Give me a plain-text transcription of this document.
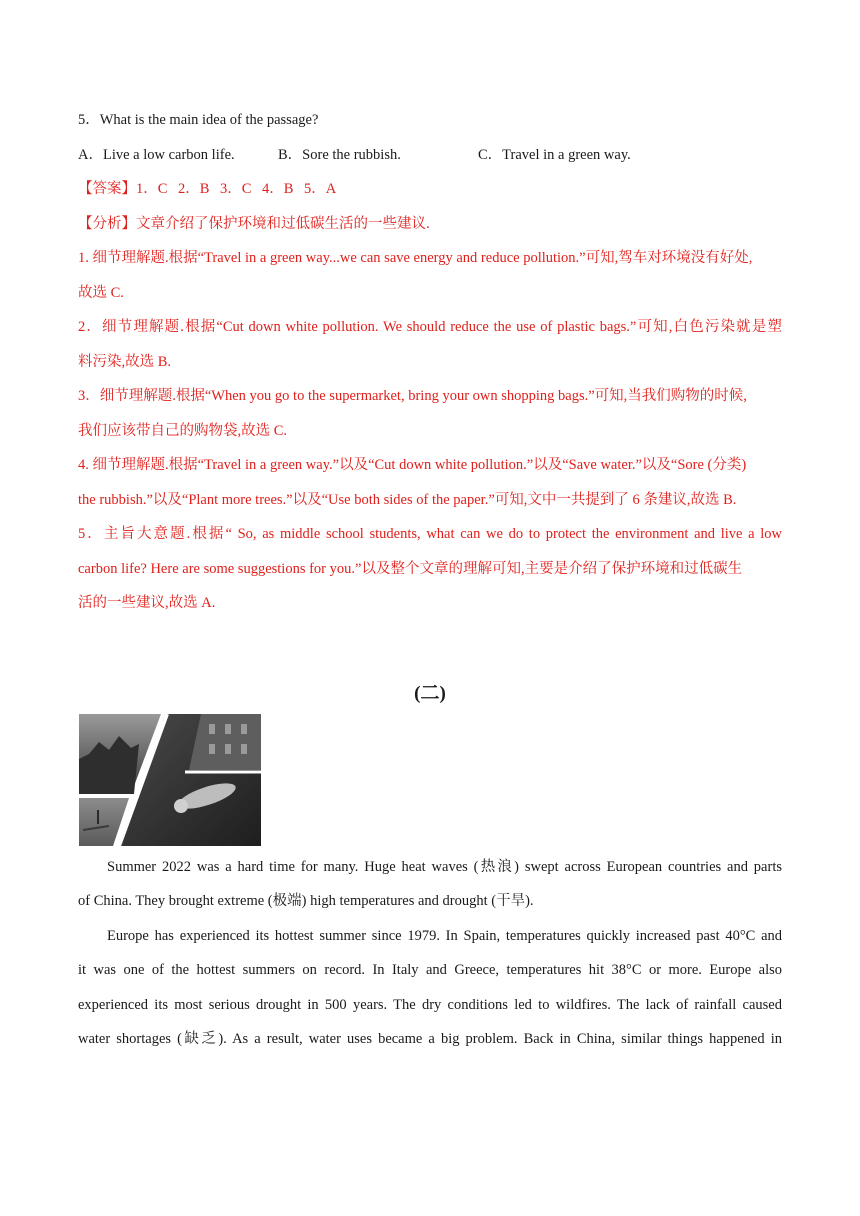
5．What is the main idea of the passage?
A．Live a low carbon life.	B．Sore the rubbish.	C．Travel in a green way.
【答案】1．C 2．B 3．C 4．B 5．A
【分析】文章介绍了保护环境和过低碳生活的一些建议.
1. 细节理解题.根据“Travel in a green way...we can save energy and reduce pollution.”可知,驾车对环境没有好处,
故选 C.
2．细节理解题.根据“Cut down white pollution. We should reduce the use of plastic bags.”可知,白色污染就是塑
料污染,故选 B.
3．细节理解题.根据“When you go to the supermarket, bring your own shopping bags.”可知,当我们购物的时候,
我们应该带自己的购物袋,故选 C.
4. 细节理解题.根据“Travel in a green way.”以及“Cut down white pollution.”以及“Save water.”以及“Sore (分类)
the rubbish.”以及“Plant more trees.”以及“Use both sides of the paper.”可知,文中一共提到了 6 条建议,故选 B.
5．主旨大意题.根据“ So, as middle school students, what can we do to protect the environment and live a low
carbon life? Here are some suggestions for you.”以及整个文章的理解可知,主要是介绍了保护环境和过低碳生
活的一些建议,故选 A.
(二)
Summer 2022 was a hard time for many. Huge heat waves (热浪) swept across European countries and parts
of China. They brought extreme (极端) high temperatures and drought (干旱).
Europe has experienced its hottest summer since 1979. In Spain, temperatures quickly increased past 40°C and
it was one of the hottest summers on record. In Italy and Greece, temperatures hit 38°C or more. Europe also
experienced its most serious drought in 500 years. The dry conditions led to wildfires. The lack of rainfall caused
water shortages (缺乏). As a result, water uses became a big problem. Back in China, similar things happened in
